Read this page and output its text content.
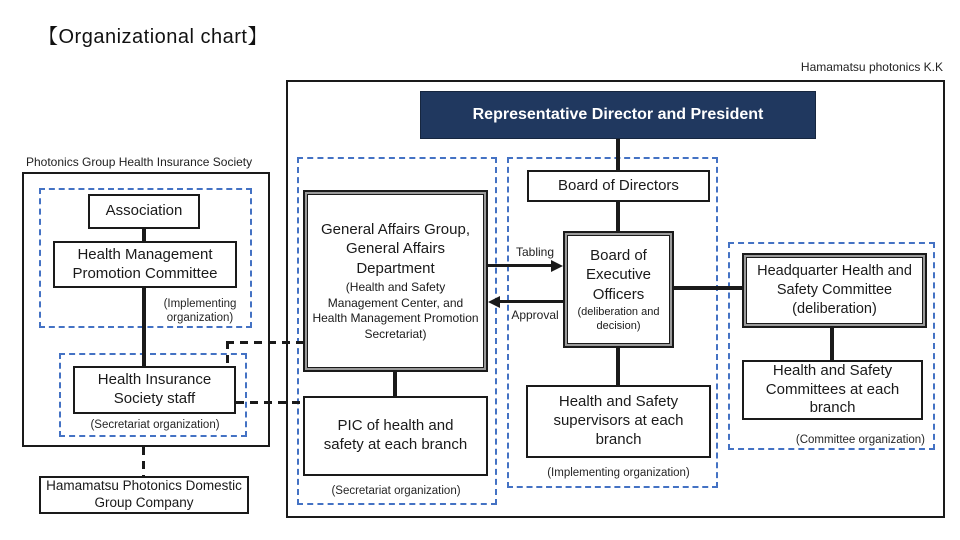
【Organizational chart】
Hamamatsu photonics K.K
Photonics Group Health Insurance Society
Association
Health Management Promotion Committee
(Implementing organization)
Health Insurance Society staff
(Secretariat organization)
Hamamatsu Photonics Domestic Group Company
Representative Director and President
General Affairs Group, General Affairs Department
(Health and Safety Management Center, and Health Management Promotion Secretariat)
PIC of health and safety at each branch
(Secretariat organization)
Board of Directors
Board of Executive Officers
(deliberation and decision)
Health and Safety supervisors at each branch
(Implementing organization)
Headquarter Health and Safety Committee
(deliberation)
Health and Safety Committees at each branch
(Committee organization)
Tabling
Approval
